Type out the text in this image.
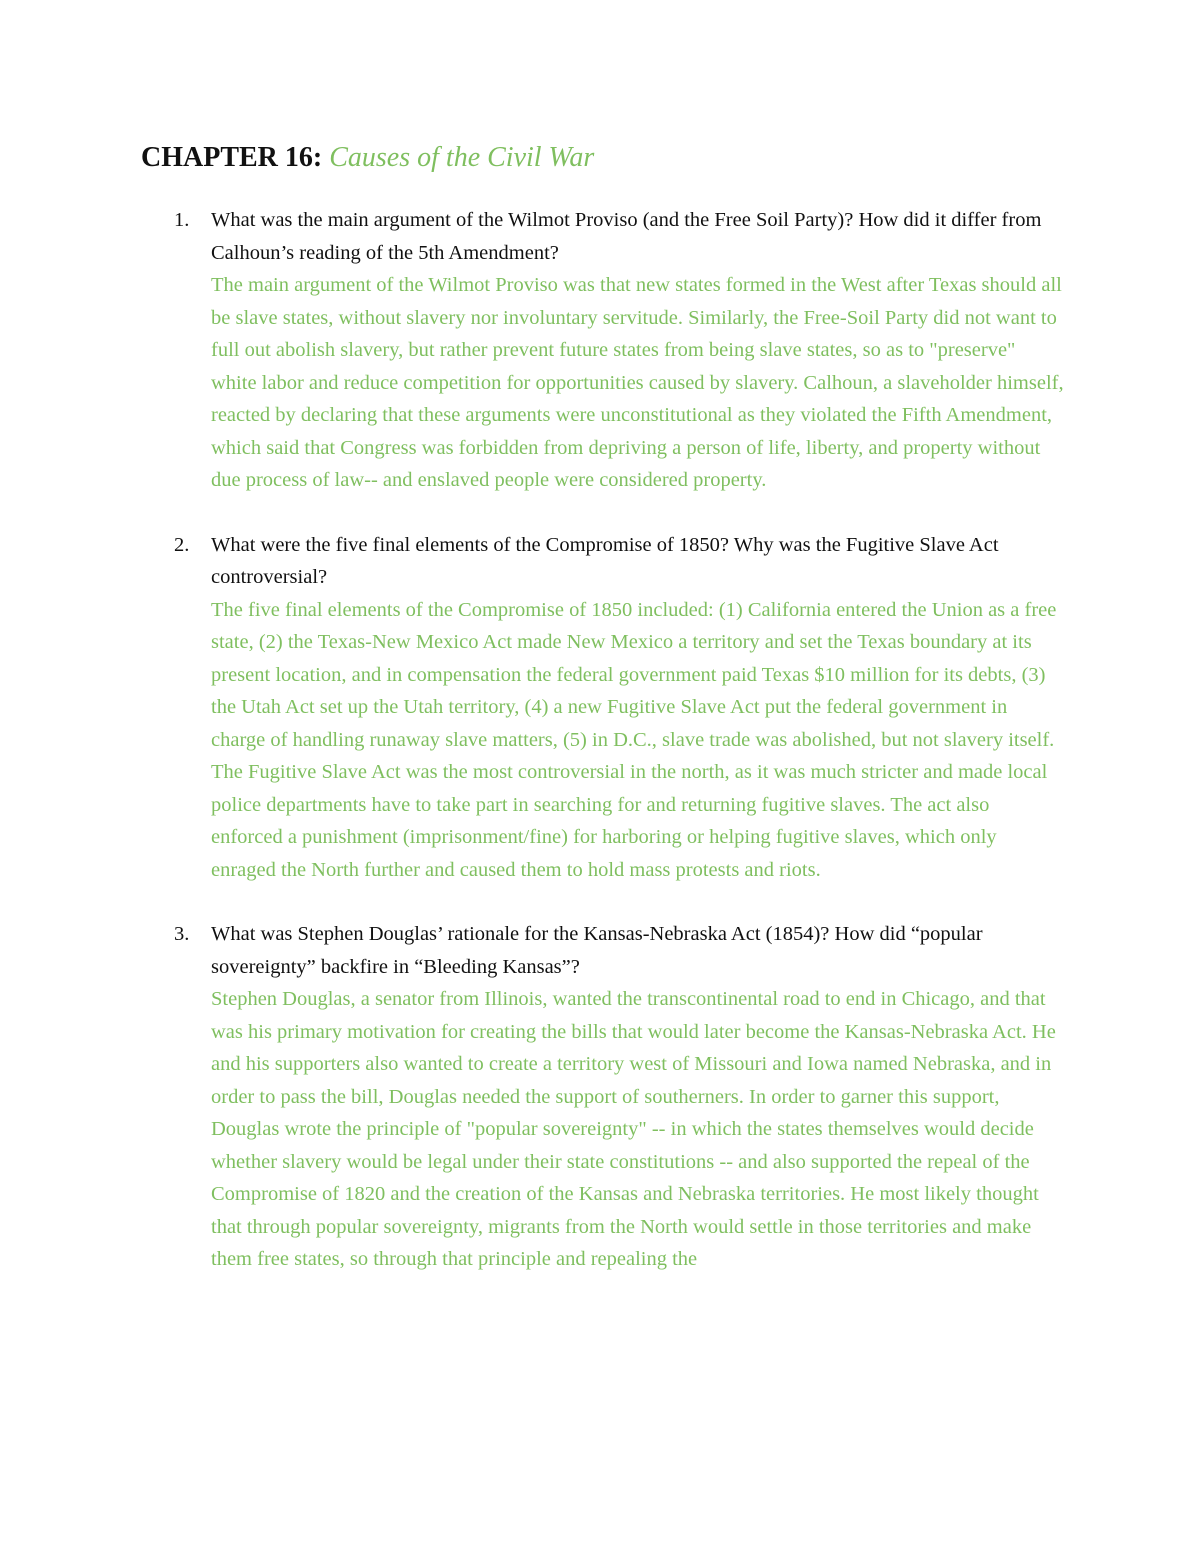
CHAPTER 16: Causes of the Civil War
1. What was the main argument of the Wilmot Proviso (and the Free Soil Party)? How did it differ from Calhoun’s reading of the 5th Amendment?
The main argument of the Wilmot Proviso was that new states formed in the West after Texas should all be slave states, without slavery nor involuntary servitude. Similarly, the Free-Soil Party did not want to full out abolish slavery, but rather prevent future states from being slave states, so as to "preserve" white labor and reduce competition for opportunities caused by slavery. Calhoun, a slaveholder himself, reacted by declaring that these arguments were unconstitutional as they violated the Fifth Amendment, which said that Congress was forbidden from depriving a person of life, liberty, and property without due process of law-- and enslaved people were considered property.
2. What were the five final elements of the Compromise of 1850? Why was the Fugitive Slave Act controversial?
The five final elements of the Compromise of 1850 included: (1) California entered the Union as a free state, (2) the Texas-New Mexico Act made New Mexico a territory and set the Texas boundary at its present location, and in compensation the federal government paid Texas $10 million for its debts, (3) the Utah Act set up the Utah territory, (4) a new Fugitive Slave Act put the federal government in charge of handling runaway slave matters, (5) in D.C., slave trade was abolished, but not slavery itself. The Fugitive Slave Act was the most controversial in the north, as it was much stricter and made local police departments have to take part in searching for and returning fugitive slaves. The act also enforced a punishment (imprisonment/fine) for harboring or helping fugitive slaves, which only enraged the North further and caused them to hold mass protests and riots.
3. What was Stephen Douglas’ rationale for the Kansas-Nebraska Act (1854)? How did “popular sovereignty” backfire in “Bleeding Kansas”?
Stephen Douglas, a senator from Illinois, wanted the transcontinental road to end in Chicago, and that was his primary motivation for creating the bills that would later become the Kansas-Nebraska Act. He and his supporters also wanted to create a territory west of Missouri and Iowa named Nebraska, and in order to pass the bill, Douglas needed the support of southerners. In order to garner this support, Douglas wrote the principle of "popular sovereignty" -- in which the states themselves would decide whether slavery would be legal under their state constitutions -- and also supported the repeal of the Compromise of 1820 and the creation of the Kansas and Nebraska territories. He most likely thought that through popular sovereignty, migrants from the North would settle in those territories and make them free states, so through that principle and repealing the
